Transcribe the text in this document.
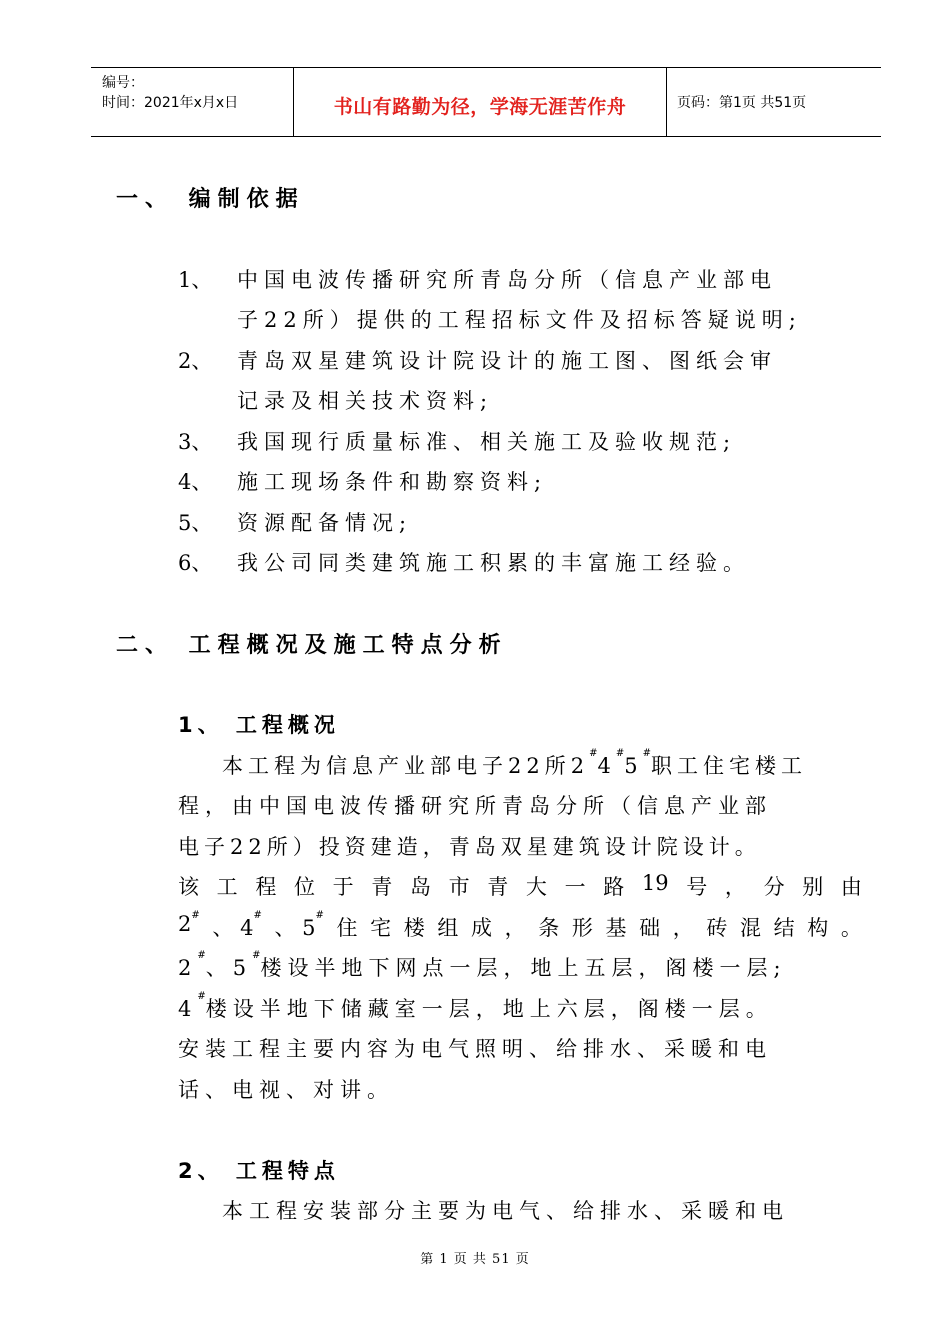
编号：
时间：2021年x月x日	书山有路勤为径，学海无涯苦作舟	页码：第1页 共51页
一、 编制依据
1、 中国电波传播研究所青岛分所（信息产业部电
子22所）提供的工程招标文件及招标答疑说明;
2、 青岛双星建筑设计院设计的施工图、图纸会审
记录及相关技术资料;
3、 我国现行质量标准、相关施工及验收规范;
4、 施工现场条件和勘察资料;
5、 资源配备情况;
6、 我公司同类建筑施工积累的丰富施工经验。
二、 工程概况及施工特点分析
1、 工程概况
本工程为信息产业部电子22所2#4#5#职工住宅楼工
程，由中国电波传播研究所青岛分所（信息产业部
电子22所）投资建造，青岛双星建筑设计院设计。
该 工 程 位 于 青 岛 市 青 大 一 路 19 号 ， 分 别 由
2#
、 4#
、 5#
住 宅 楼 组 成 ， 条 形 基 础 ， 砖 混 结 构 。
2#、5#楼设半地下网点一层，地上五层，阁楼一层;
4#楼设半地下储藏室一层，地上六层，阁楼一层。
安装工程主要内容为电气照明、给排水、采暖和电
话、电视、对讲。
2、 工程特点
本工程安装部分主要为电气、给排水、采暖和电
第 1 页 共 51 页
